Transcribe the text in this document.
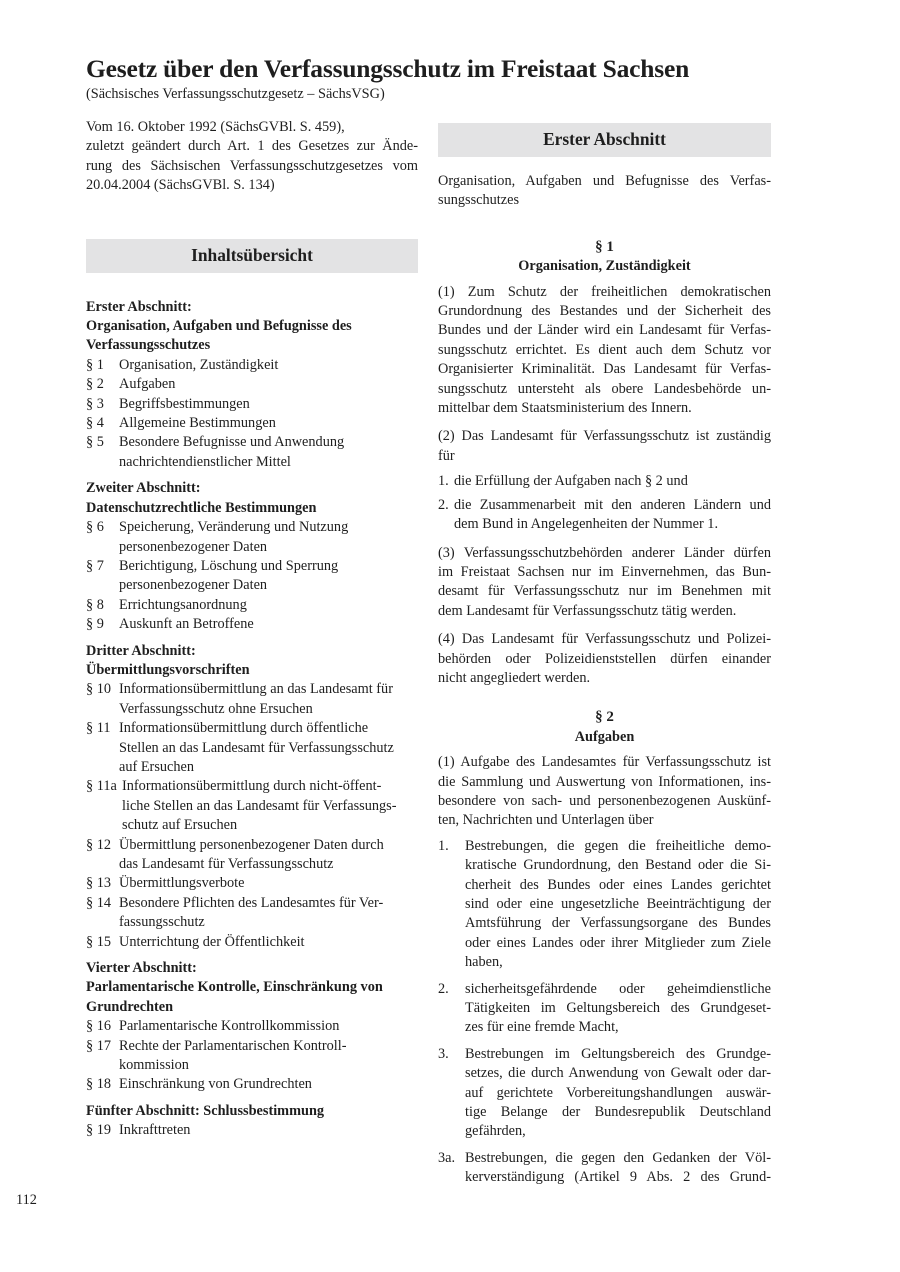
Gesetz über den Verfassungsschutz im Freistaat Sachsen
(Sächsisches Verfassungsschutzgesetz – SächsVSG)
Vom 16. Oktober 1992 (SächsGVBl. S. 459),
zuletzt geändert durch Art. 1 des Gesetzes zur Ände-
rung des Sächsischen Verfassungsschutzgesetzes vom
20.04.2004 (SächsGVBl. S. 134)
Inhaltsübersicht
Erster Abschnitt:
Organisation, Aufgaben und Befugnisse des
Verfassungsschutzes
§ 1	Organisation, Zuständigkeit
§ 2	Aufgaben
§ 3	Begriffsbestimmungen
§ 4	Allgemeine Bestimmungen
§ 5	Besondere Befugnisse und Anwendung
nachrichtendienstlicher Mittel
Zweiter Abschnitt:
Datenschutzrechtliche Bestimmungen
§ 6	Speicherung, Veränderung und Nutzung
personenbezogener Daten
§ 7	Berichtigung, Löschung und Sperrung
personenbezogener Daten
§ 8	Errichtungsanordnung
§ 9	Auskunft an Betroffene
Dritter Abschnitt:
Übermittlungsvorschriften
§ 10 Informationsübermittlung an das Landesamt für
Verfassungsschutz ohne Ersuchen
§ 11 Informationsübermittlung durch öffentliche
Stellen an das Landesamt für Verfassungsschutz
auf Ersuchen
§ 11a Informationsübermittlung durch nicht-öffent-
liche Stellen an das Landesamt für Verfassungs-
schutz auf Ersuchen
§ 12 Übermittlung personenbezogener Daten durch
das Landesamt für Verfassungsschutz
§ 13 Übermittlungsverbote
§ 14 Besondere Pflichten des Landesamtes für Ver-
fassungsschutz
§ 15 Unterrichtung der Öffentlichkeit
Vierter Abschnitt:
Parlamentarische Kontrolle, Einschränkung von
Grundrechten
§ 16 Parlamentarische Kontrollkommission
§ 17 Rechte der Parlamentarischen Kontroll-
kommission
§ 18 Einschränkung von Grundrechten
Fünfter Abschnitt: Schlussbestimmung
§ 19 Inkrafttreten
Erster Abschnitt
Organisation, Aufgaben und Befugnisse des Verfas-
sungsschutzes
§ 1
Organisation, Zuständigkeit
(1) Zum Schutz der freiheitlichen demokratischen
Grundordnung des Bestandes und der Sicherheit des
Bundes und der Länder wird ein Landesamt für Verfas-
sungsschutz errichtet. Es dient auch dem Schutz vor
Organisierter Kriminalität. Das Landesamt für Verfas-
sungsschutz untersteht als obere Landesbehörde un-
mittelbar dem Staatsministerium des Innern.
(2) Das Landesamt für Verfassungsschutz ist zuständig
für
1. die Erfüllung der Aufgaben nach § 2 und
2. die Zusammenarbeit mit den anderen Ländern und
dem Bund in Angelegenheiten der Nummer 1.
(3) Verfassungsschutzbehörden anderer Länder dürfen
im Freistaat Sachsen nur im Einvernehmen, das Bun-
desamt für Verfassungsschutz nur im Benehmen mit
dem Landesamt für Verfassungsschutz tätig werden.
(4) Das Landesamt für Verfassungsschutz und Polizei-
behörden oder Polizeidienststellen dürfen einander
nicht angegliedert werden.
§ 2
Aufgaben
(1) Aufgabe des Landesamtes für Verfassungsschutz ist
die Sammlung und Auswertung von Informationen, ins-
besondere von sach- und personenbezogenen Auskünf-
ten, Nachrichten und Unterlagen über
1.	Bestrebungen, die gegen die freiheitliche demo-
kratische Grundordnung, den Bestand oder die Si-
cherheit des Bundes oder eines Landes gerichtet
sind oder eine ungesetzliche Beeinträchtigung der
Amtsführung der Verfassungsorgane des Bundes
oder eines Landes oder ihrer Mitglieder zum Ziele
haben,
2.	sicherheitsgefährdende oder geheimdienstliche
Tätigkeiten im Geltungsbereich des Grundgeset-
zes für eine fremde Macht,
3.	Bestrebungen im Geltungsbereich des Grundge-
setzes, die durch Anwendung von Gewalt oder dar-
auf gerichtete Vorbereitungshandlungen auswär-
tige Belange der Bundesrepublik Deutschland
gefährden,
3a. Bestrebungen, die gegen den Gedanken der Völ-
kerverständigung (Artikel 9 Abs. 2 des Grund-
112
